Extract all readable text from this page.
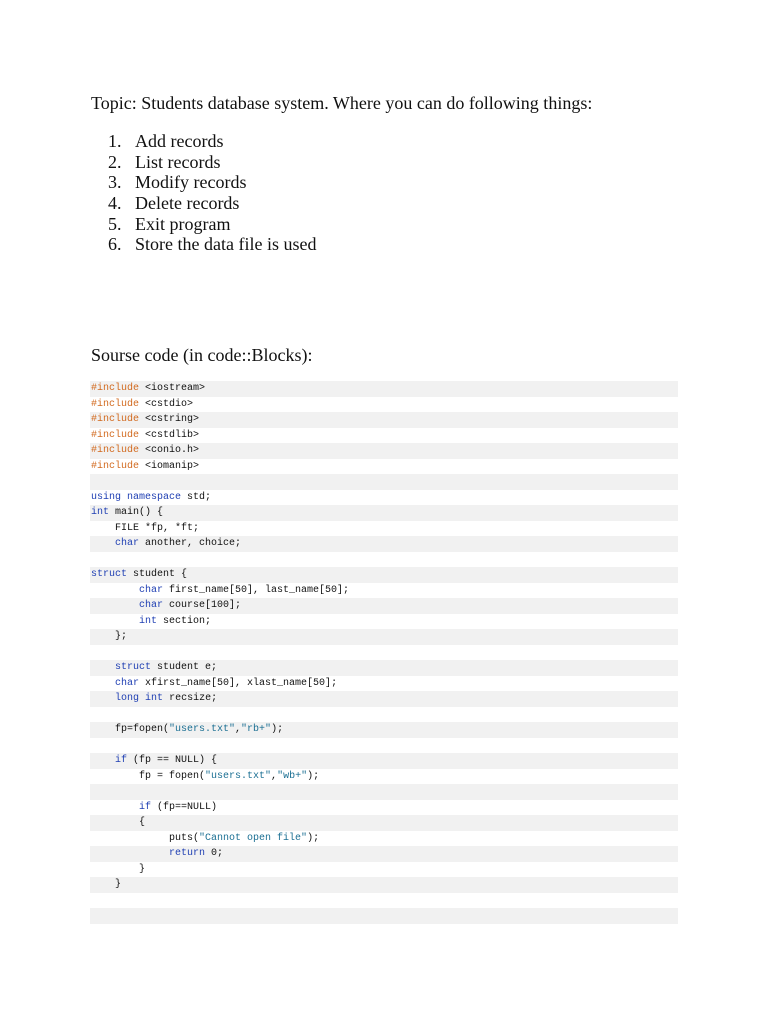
Topic: Students database system. Where you can do following things:
1. Add records
2. List records
3. Modify records
4. Delete records
5. Exit program
6. Store the data file is used
Sourse code (in code::Blocks):
#include <iostream>
#include <cstdio>
#include <cstring>
#include <cstdlib>
#include <conio.h>
#include <iomanip>

using namespace std;
int main() {
FILE *fp, *ft;
char another, choice;

struct student {
char first_name[50], last_name[50];
char course[100];
int section;
};

struct student e;
char xfirst_name[50], xlast_name[50];
long int recsize;

fp=fopen("users.txt","rb+");

if (fp == NULL) {
fp = fopen("users.txt","wb+");

if (fp==NULL)
{
puts("Cannot open file");
return 0;
}
}
